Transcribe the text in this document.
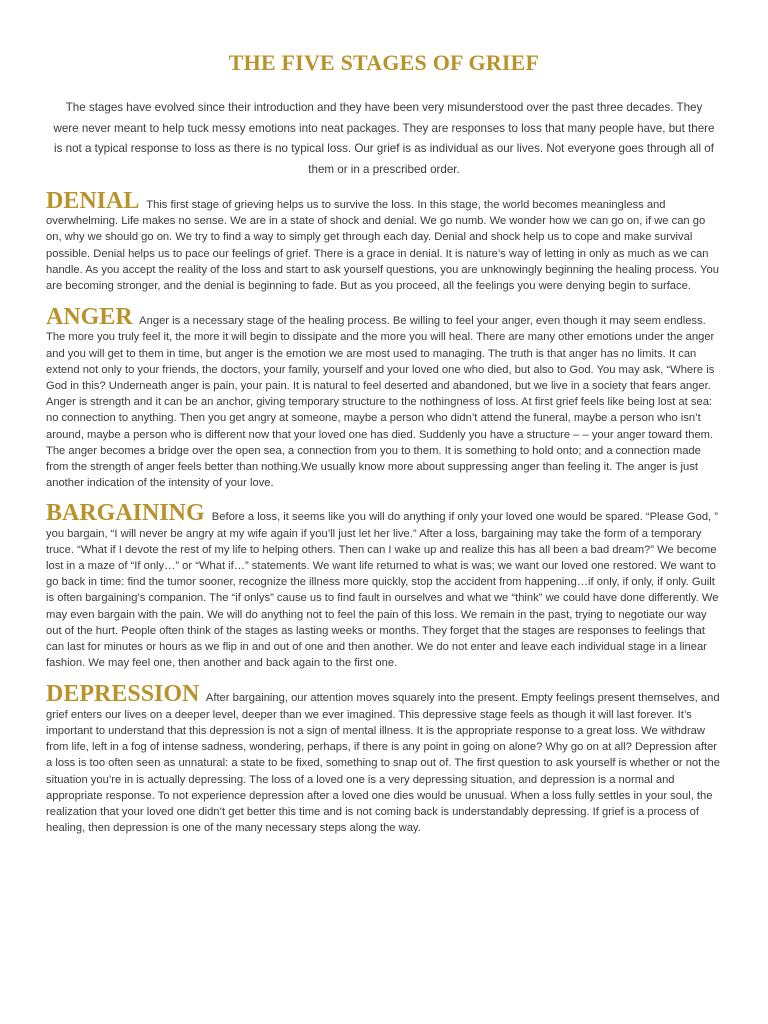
THE FIVE STAGES OF GRIEF

The stages have evolved since their introduction and they have been very misunderstood over the past three decades. They were never meant to help tuck messy emotions into neat packages. They are responses to loss that many people have, but there is not a typical response to loss as there is no typical loss. Our grief is as individual as our lives. Not everyone goes through all of them or in a prescribed order.

DENIAL This first stage of grieving helps us to survive the loss. In this stage, the world becomes meaningless and overwhelming. Life makes no sense. We are in a state of shock and denial. We go numb. We wonder how we can go on, if we can go on, why we should go on. We try to find a way to simply get through each day. Denial and shock help us to cope and make survival possible. Denial helps us to pace our feelings of grief. There is a grace in denial. It is nature’s way of letting in only as much as we can handle. As you accept the reality of the loss and start to ask yourself questions, you are unknowingly beginning the healing process. You are becoming stronger, and the denial is beginning to fade. But as you proceed, all the feelings you were denying begin to surface.

ANGER Anger is a necessary stage of the healing process. Be willing to feel your anger, even though it may seem endless. The more you truly feel it, the more it will begin to dissipate and the more you will heal. There are many other emotions under the anger and you will get to them in time, but anger is the emotion we are most used to managing. The truth is that anger has no limits. It can extend not only to your friends, the doctors, your family, yourself and your loved one who died, but also to God. You may ask, “Where is God in this? Underneath anger is pain, your pain. It is natural to feel deserted and abandoned, but we live in a society that fears anger. Anger is strength and it can be an anchor, giving temporary structure to the nothingness of loss. At first grief feels like being lost at sea: no connection to anything. Then you get angry at someone, maybe a person who didn’t attend the funeral, maybe a person who isn’t around, maybe a person who is different now that your loved one has died. Suddenly you have a structure – – your anger toward them. The anger becomes a bridge over the open sea, a connection from you to them. It is something to hold onto; and a connection made from the strength of anger feels better than nothing.We usually know more about suppressing anger than feeling it. The anger is just another indication of the intensity of your love.

BARGAINING Before a loss, it seems like you will do anything if only your loved one would be spared. “Please God, ” you bargain, “I will never be angry at my wife again if you’ll just let her live.” After a loss, bargaining may take the form of a temporary truce. “What if I devote the rest of my life to helping others. Then can I wake up and realize this has all been a bad dream?” We become lost in a maze of “If only…” or “What if…” statements. We want life returned to what is was; we want our loved one restored. We want to go back in time: find the tumor sooner, recognize the illness more quickly, stop the accident from happening…if only, if only, if only. Guilt is often bargaining’s companion. The “if onlys” cause us to find fault in ourselves and what we “think” we could have done differently. We may even bargain with the pain. We will do anything not to feel the pain of this loss. We remain in the past, trying to negotiate our way out of the hurt. People often think of the stages as lasting weeks or months. They forget that the stages are responses to feelings that can last for minutes or hours as we flip in and out of one and then another. We do not enter and leave each individual stage in a linear fashion. We may feel one, then another and back again to the first one.

DEPRESSION After bargaining, our attention moves squarely into the present. Empty feelings present themselves, and grief enters our lives on a deeper level, deeper than we ever imagined. This depressive stage feels as though it will last forever. It’s important to understand that this depression is not a sign of mental illness. It is the appropriate response to a great loss. We withdraw from life, left in a fog of intense sadness, wondering, perhaps, if there is any point in going on alone? Why go on at all? Depression after a loss is too often seen as unnatural: a state to be fixed, something to snap out of. The first question to ask yourself is whether or not the situation you’re in is actually depressing. The loss of a loved one is a very depressing situation, and depression is a normal and appropriate response. To not experience depression after a loved one dies would be unusual. When a loss fully settles in your soul, the realization that your loved one didn’t get better this time and is not coming back is understandably depressing. If grief is a process of healing, then depression is one of the many necessary steps along the way.
